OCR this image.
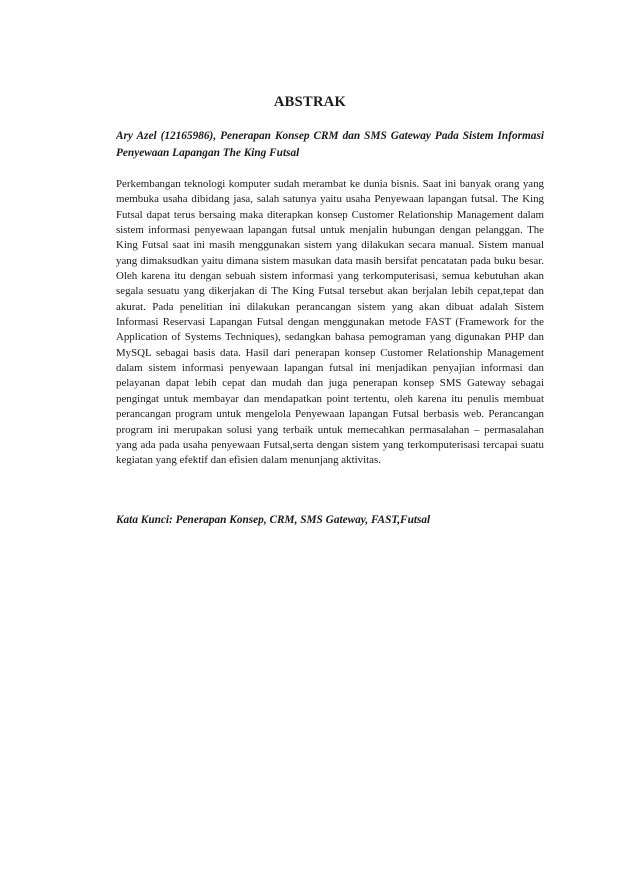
ABSTRAK

Ary Azel (12165986), Penerapan Konsep CRM dan SMS Gateway Pada Sistem Informasi Penyewaan Lapangan The King Futsal

Perkembangan teknologi komputer sudah merambat ke dunia bisnis. Saat ini banyak orang yang membuka usaha dibidang jasa, salah satunya yaitu usaha Penyewaan lapangan futsal. The King Futsal dapat terus bersaing maka diterapkan konsep Customer Relationship Management dalam sistem informasi penyewaan lapangan futsal untuk menjalin hubungan dengan pelanggan. The King Futsal saat ini masih menggunakan sistem yang dilakukan secara manual. Sistem manual yang dimaksudkan yaitu dimana sistem masukan data masih bersifat pencatatan pada buku besar. Oleh karena itu dengan sebuah sistem informasi yang terkomputerisasi, semua kebutuhan akan segala sesuatu yang dikerjakan di The King Futsal tersebut akan berjalan lebih cepat,tepat dan akurat. Pada penelitian ini dilakukan perancangan sistem yang akan dibuat adalah Sistem Informasi Reservasi Lapangan Futsal dengan menggunakan metode FAST (Framework for the Application of Systems Techniques), sedangkan bahasa pemograman yang digunakan PHP dan MySQL sebagai basis data. Hasil dari penerapan konsep Customer Relationship Management dalam sistem informasi penyewaan lapangan futsal ini menjadikan penyajian informasi dan pelayanan dapat lebih cepat dan mudah dan juga penerapan konsep SMS Gateway sebagai pengingat untuk membayar dan mendapatkan point tertentu, oleh karena itu penulis membuat perancangan program untuk mengelola Penyewaan lapangan Futsal berbasis web. Perancangan program ini merupakan solusi yang terbaik untuk memecahkan permasalahan – permasalahan yang ada pada usaha penyewaan Futsal,serta dengan sistem yang terkomputerisasi tercapai suatu kegiatan yang efektif dan efisien dalam menunjang aktivitas.

Kata Kunci: Penerapan Konsep, CRM, SMS Gateway, FAST,Futsal
